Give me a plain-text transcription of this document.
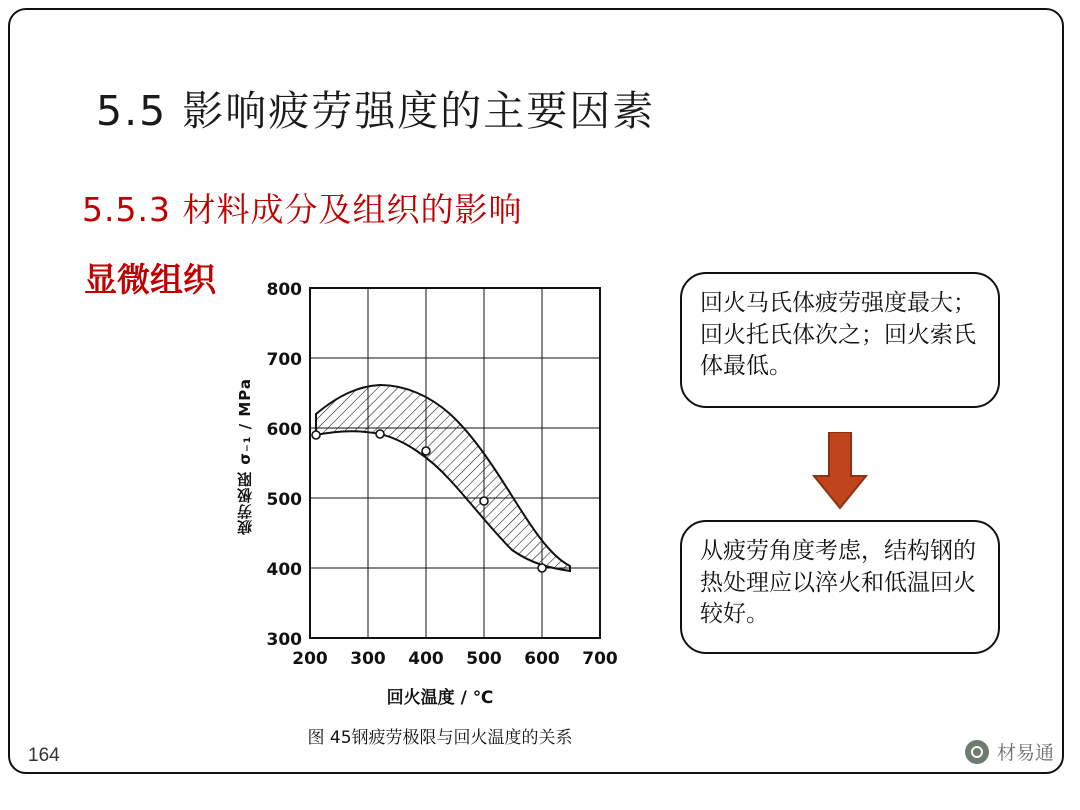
5.5 影响疲劳强度的主要因素
5.5.3 材料成分及组织的影响
显微组织
疲劳极限 σ₋₁ / MPa
800
700
600
500
400
300
200 300 400 500 600 700
回火温度 / ℃
图 45钢疲劳极限与回火温度的关系
回火马氏体疲劳强度最大；回火托氏体次之；回火索氏体最低。
从疲劳角度考虑，结构钢的热处理应以淬火和低温回火较好。
164	材易通
